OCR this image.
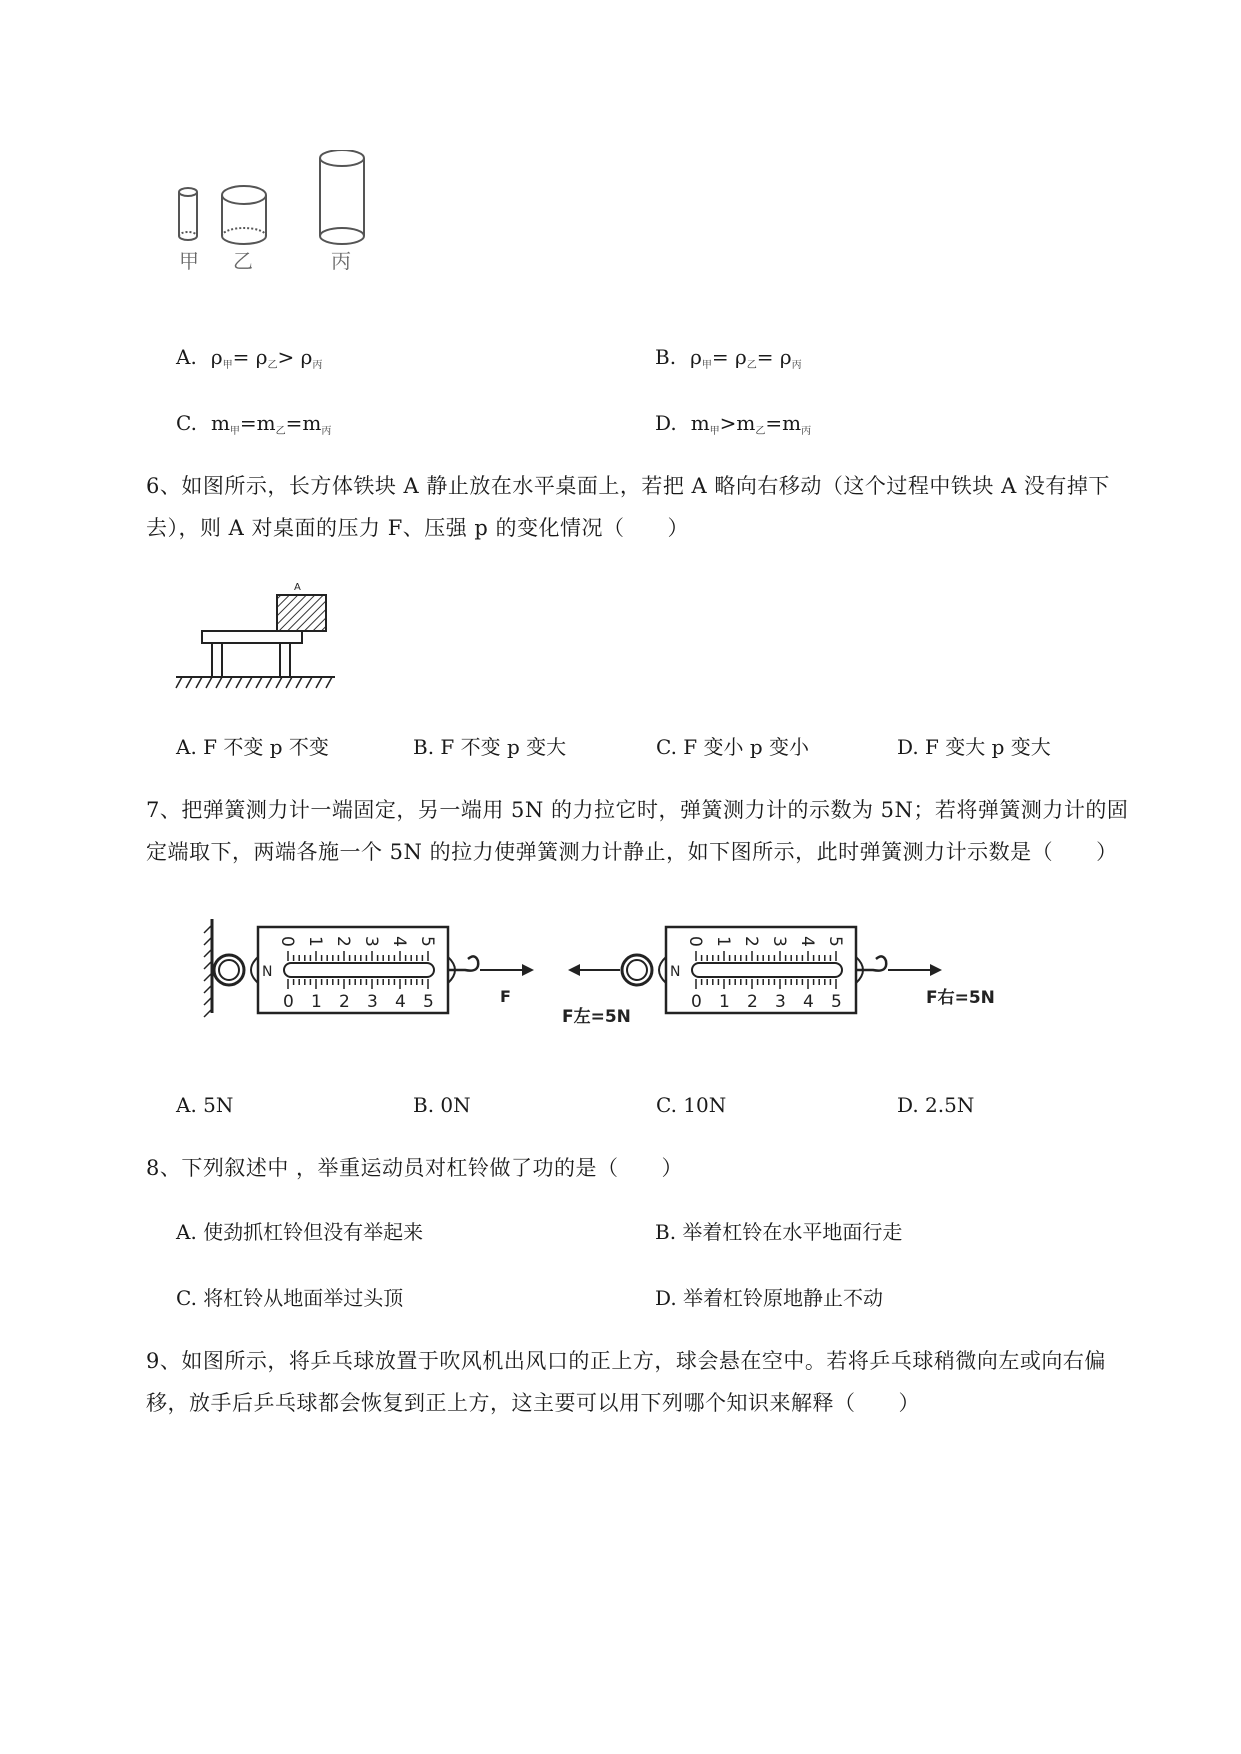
甲 乙	丙
A. $\rho_甲= \rho_乙> \rho_丙$	B. $\rho_甲= \rho_乙= \rho_丙$
C. $m_甲=m_乙=m_丙$	D. $m_甲>m_乙=m_丙$
6、如图所示，长方体铁块 A 静止放在水平桌面上，若把 A 略向右移动（这个过程中铁块 A 没有掉下
去），则 A 对桌面的压力 F、压强 p 的变化情况（　　）
A
A. F 不变 p 不变	B. F 不变 p 变大	C. F 变小 p 变小	D. F 变大 p 变大
7、把弹簧测力计一端固定，另一端用 5N 的力拉它时，弹簧测力计的示数为 5N；若将弹簧测力计的固
定端取下，两端各施一个 5N 的拉力使弹簧测力计静止，如下图所示，此时弹簧测力计示数是（　　）
0 1 2 3 4 5
0 1 2 3 4 5
N
F
0 1 2 3 4 5
0 1 2 3 4 5
N
F左=5N
F右=5N
A. 5N	B. 0N	C. 10N	D. 2.5N
8、下列叙述中 ，举重运动员对杠铃做了功的是（　　）
A. 使劲抓杠铃但没有举起来	B. 举着杠铃在水平地面行走
C. 将杠铃从地面举过头顶	D. 举着杠铃原地静止不动
9、如图所示，将乒乓球放置于吹风机出风口的正上方，球会悬在空中。若将乒乓球稍微向左或向右偏
移，放手后乒乓球都会恢复到正上方，这主要可以用下列哪个知识来解释（　　）
